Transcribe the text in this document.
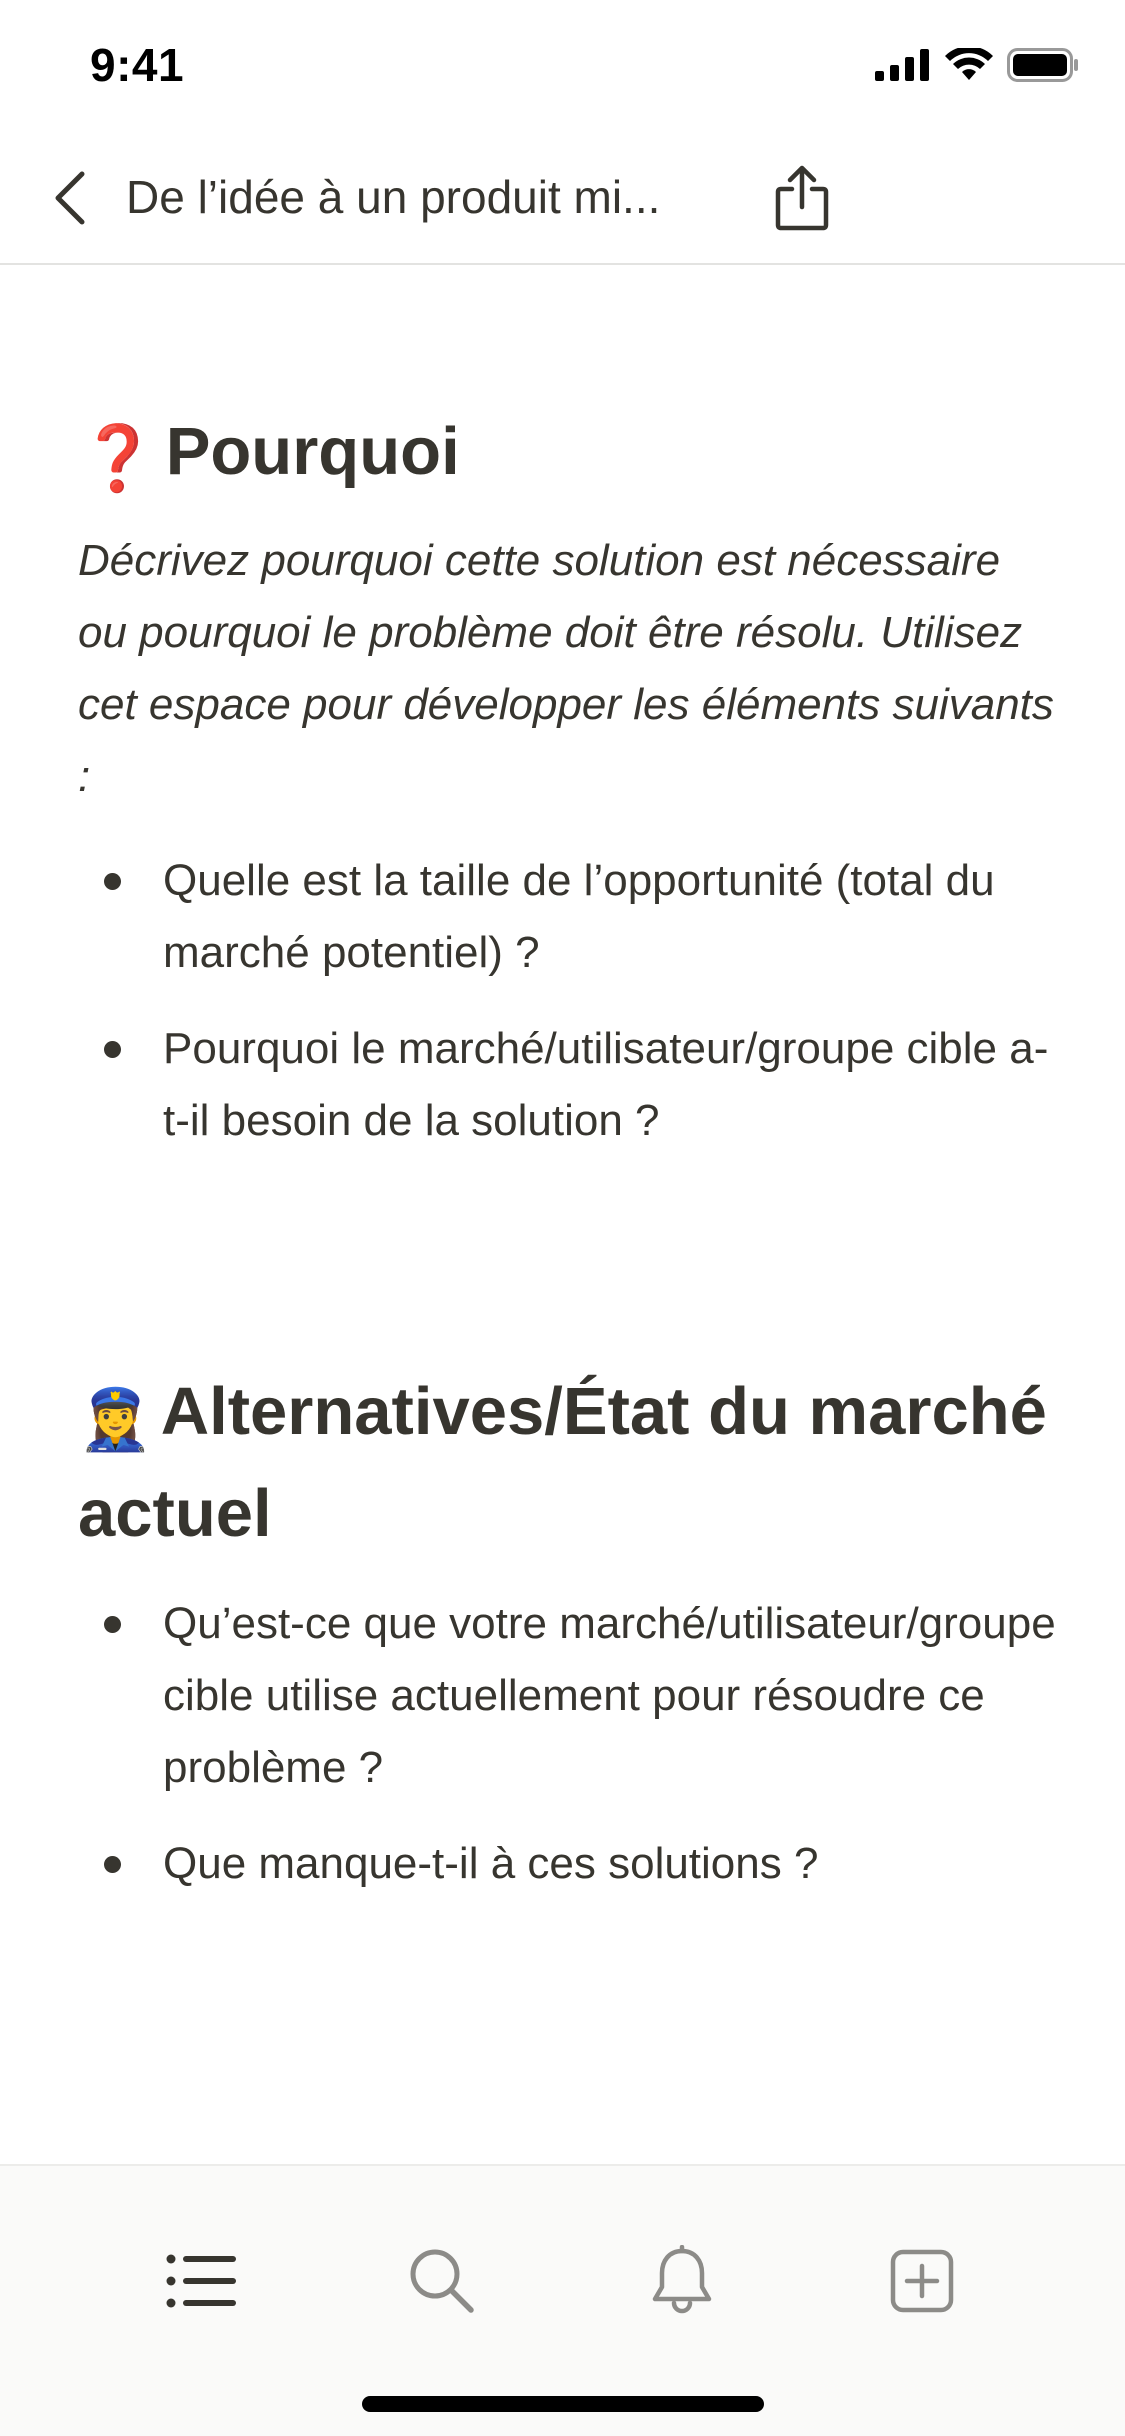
9:41
De l’idée à un produit mi...
❓ Pourquoi

Décrivez pourquoi cette solution est nécessaire ou pourquoi le problème doit être résolu. Utilisez cet espace pour développer les éléments suivants :

Quelle est la taille de l’opportunité (total du marché potentiel) ?
Pourquoi le marché/utilisateur/groupe cible a-t-il besoin de la solution ?
👮‍♀️ Alternatives/État du marché actuel
Qu’est-ce que votre marché/utilisateur/groupe cible utilise actuellement pour résoudre ce problème ?
Que manque-t-il à ces solutions ?
